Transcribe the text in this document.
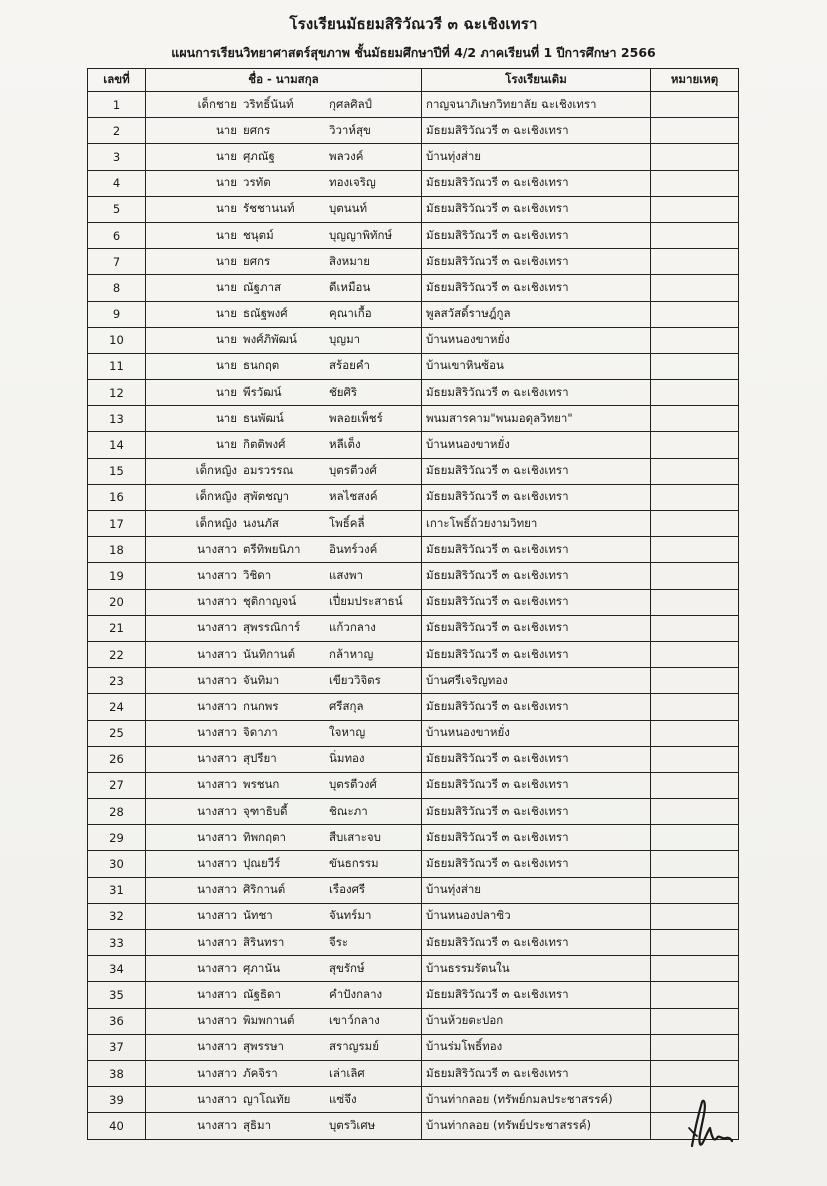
โรงเรียนมัธยมสิริวัณวรี ๓ ฉะเชิงเทรา
แผนการเรียนวิทยาศาสตร์สุขภาพ ชั้นมัธยมศึกษาปีที่ 4/2 ภาคเรียนที่ 1 ปีการศึกษา 2566
เลขที่	ชื่อ - นามสกุล	โรงเรียนเดิม	หมายเหตุ
1	เด็กชาย วริทธิ์นันท์ กุศลศิลป์	กาญจนาภิเษกวิทยาลัย ฉะเชิงเทรา	
2	นาย ยศกร วิวาห์สุข	มัธยมสิริวัณวรี ๓ ฉะเชิงเทรา	
3	นาย ศุภณัฐ พลวงค์	บ้านทุ่งส่าย	
4	นาย วรทัต ทองเจริญ	มัธยมสิริวัณวรี ๓ ฉะเชิงเทรา	
5	นาย รัชชานนท์ บุตนนท์	มัธยมสิริวัณวรี ๓ ฉะเชิงเทรา	
6	นาย ชนุตม์ บุญญาพิทักษ์	มัธยมสิริวัณวรี ๓ ฉะเชิงเทรา	
7	นาย ยศกร สิงหมาย	มัธยมสิริวัณวรี ๓ ฉะเชิงเทรา	
8	นาย ณัฐภาส ดีเหมือน	มัธยมสิริวัณวรี ๓ ฉะเชิงเทรา	
9	นาย ธณัฐพงศ์ คุณาเกื้อ	พูลสวัสดิ์ราษฎ์กูล	
10	นาย พงศ์ภิพัฒน์ บุญมา	บ้านหนองขาหยั่ง	
11	นาย ธนกฤต สร้อยคำ	บ้านเขาหินซ้อน	
12	นาย พีรวัฒน์ ชัยศิริ	มัธยมสิริวัณวรี ๓ ฉะเชิงเทรา	
13	นาย ธนพัฒน์ พลอยเพ็ชร์	พนมสารคาม"พนมอดุลวิทยา"	
14	นาย กิตติพงศ์ หลีเต็ง	บ้านหนองขาหยั่ง	
15	เด็กหญิง อมรวรรณ บุตรตีวงศ์	มัธยมสิริวัณวรี ๓ ฉะเชิงเทรา	
16	เด็กหญิง สุพัตชญา หลไชสงค์	มัธยมสิริวัณวรี ๓ ฉะเชิงเทรา	
17	เด็กหญิง นงนภัส โพธิ์คลี่	เกาะโพธิ์ถ้วยงามวิทยา	
18	นางสาว ตรีทิพยนิภา อินทร์วงค์	มัธยมสิริวัณวรี ๓ ฉะเชิงเทรา	
19	นางสาว วิชิดา แสงพา	มัธยมสิริวัณวรี ๓ ฉะเชิงเทรา	
20	นางสาว ชุติกาญจน์ เปี่ยมประสาธน์	มัธยมสิริวัณวรี ๓ ฉะเชิงเทรา	
21	นางสาว สุพรรณิการ์ แก้วกลาง	มัธยมสิริวัณวรี ๓ ฉะเชิงเทรา	
22	นางสาว นันทิกานต์ กล้าหาญ	มัธยมสิริวัณวรี ๓ ฉะเชิงเทรา	
23	นางสาว จันทิมา เขียววิจิตร	บ้านศรีเจริญทอง	
24	นางสาว กนกพร ศรีสกุล	มัธยมสิริวัณวรี ๓ ฉะเชิงเทรา	
25	นางสาว จิดาภา ใจหาญ	บ้านหนองขาหยั่ง	
26	นางสาว สุปรียา นิ่มทอง	มัธยมสิริวัณวรี ๓ ฉะเชิงเทรา	
27	นางสาว พรชนก บุตรตีวงศ์	มัธยมสิริวัณวรี ๓ ฉะเชิงเทรา	
28	นางสาว จุฑาธิบดี้ ชิณะภา	มัธยมสิริวัณวรี ๓ ฉะเชิงเทรา	
29	นางสาว ทิพกฤตา สืบเสาะจบ	มัธยมสิริวัณวรี ๓ ฉะเชิงเทรา	
30	นางสาว ปุณยวีร์ ขันธกรรม	มัธยมสิริวัณวรี ๓ ฉะเชิงเทรา	
31	นางสาว ศิริกานต์ เรืองศรี	บ้านทุ่งส่าย	
32	นางสาว นัทชา จันทร์มา	บ้านหนองปลาซิว	
33	นางสาว สิรินทรา จีระ	มัธยมสิริวัณวรี ๓ ฉะเชิงเทรา	
34	นางสาว ศุภานัน สุขรักษ์	บ้านธรรมรัตนใน	
35	นางสาว ณัฐธิดา คำปังกลาง	มัธยมสิริวัณวรี ๓ ฉะเชิงเทรา	
36	นางสาว พิมพกานต์ เขาว์กลาง	บ้านห้วยตะปอก	
37	นางสาว สุพรรษา สราญรมย์	บ้านร่มโพธิ์ทอง	
38	นางสาว ภัคจิรา เล่าเลิศ	มัธยมสิริวัณวรี ๓ ฉะเชิงเทรา	
39	นางสาว ญาโณทัย แซ่จึง	บ้านท่ากลอย (ทรัพย์กมลประชาสรรค์)	
40	นางสาว สุธิมา บุตรวิเศษ	บ้านท่ากลอย (ทรัพย์ประชาสรรค์)	
